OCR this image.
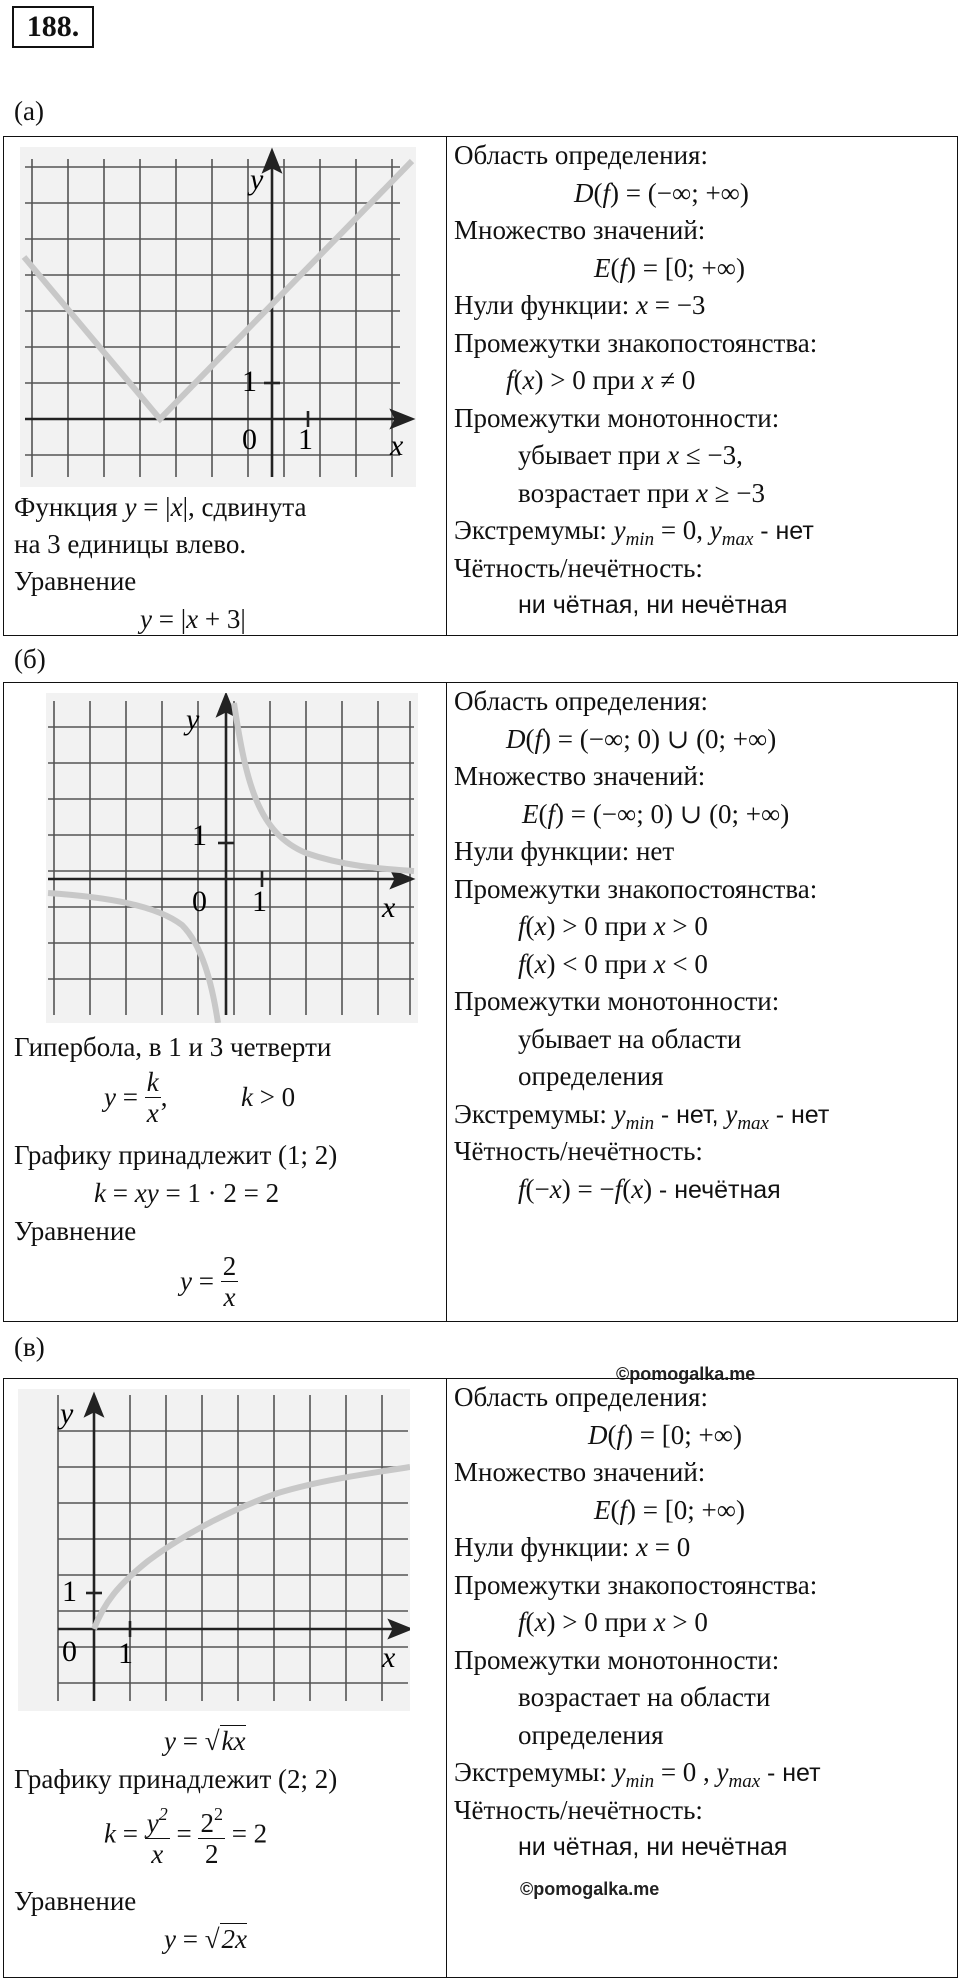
188.
(а)
y
x
1
0 1
Функция y = |x|, сдвинута
на 3 единицы влево.
Уравнение
y = |x + 3|
Область определения:
D(f) = (−∞; +∞)
Множество значений:
E(f) = [0; +∞)
Нули функции: x = −3
Промежутки знакопостоянства:
f(x) > 0 при x ≠ 0
Промежутки монотонности:
убывает при x ≤ −3,
возрастает при x ≥ −3
Экстремумы: $y_{min} = 0$, $y_{max}$ - нет
Чётность/нечётность:
ни чётная, ни нечётная
(б)
y
x
1
0 1
Гипербола, в 1 и 3 четверти
$y = \frac{k}{x}$ ,	k > 0
Графику принадлежит (1; 2)
k = xy = 1 · 2 = 2
Уравнение
$y = \frac{2}{x}$
Область определения:
D(f) = (−∞; 0) ∪ (0; +∞)
Множество значений:
E(f) = (−∞; 0) ∪ (0; +∞)
Нули функции: нет
Промежутки знакопостоянства:
f(x) > 0 при x > 0
f(x) < 0 при x < 0
Промежутки монотонности:
убывает на области
определения
Экстремумы: $y_{min}$ - нет, $y_{max}$ - нет
Чётность/нечётность:
f(−x) = −f(x) - нечётная
(в)
©pomogalka.me
y
x
1
0 1
y = √kx
Графику принадлежит (2; 2)
$k = \frac{y^2}{x} = \frac{2^2}{2} = 2$
Уравнение
y = √2x
Область определения:
D(f) = [0; +∞)
Множество значений:
E(f) = [0; +∞)
Нули функции: x = 0
Промежутки знакопостоянства:
f(x) > 0 при x > 0
Промежутки монотонности:
возрастает на области
определения
Экстремумы: $y_{min} = 0$ , $y_{max}$ - нет
Чётность/нечётность:
ни чётная, ни нечётная
©pomogalka.me
